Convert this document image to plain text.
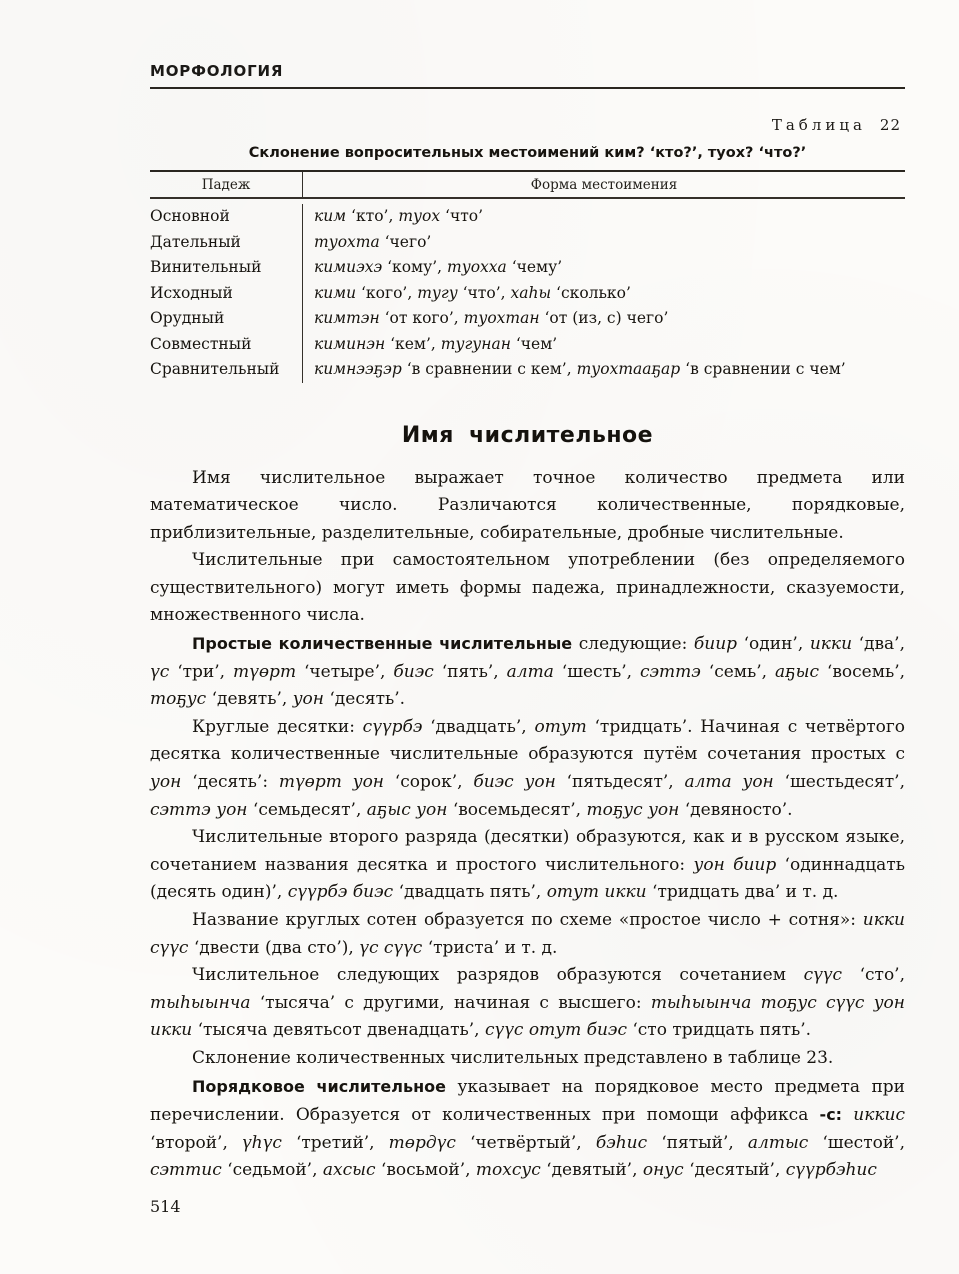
МОРФОЛОГИЯ
Таблица 22
Склонение вопросительных местоимений ким? ‘кто?’, туох? ‘что?’
Падеж	Форма местоимения
Основной	ким ‘кто’, туох ‘что’
Дательный	туохта ‘чего’
Винительный	кимиэхэ ‘кому’, туохха ‘чему’
Исходный	кими ‘кого’, тугу ‘что’, хаһы ‘сколько’
Орудный	кимтэн ‘от кого’, туохтан ‘от (из, с) чего’
Совместный	киминэн ‘кем’, тугунан ‘чем’
Сравнительный	кимнээҕэр ‘в сравнении с кем’, туохтааҕар ‘в сравнении с чем’
Имя числительное

Имя числительное выражает точное количество предмета или математическое число. Различаются количественные, порядковые, приблизительные, разделительные, собирательные, дробные числительные.

Числительные при самостоятельном употреблении (без определяемого существительного) могут иметь формы падежа, принадлежности, сказуемости, множественного числа.

Простые количественные числительные следующие: биир ‘один’, икки ‘два’, үс ‘три’, түөрт ‘четыре’, биэс ‘пять’, алта ‘шесть’, сэттэ ‘семь’, аҕыс ‘восемь’, тоҕус ‘девять’, уон ‘десять’.

Круглые десятки: сүүрбэ ‘двадцать’, отут ‘тридцать’. Начиная с четвёртого десятка количественные числительные образуются путём сочетания простых с уон ‘десять’: түөрт уон ‘сорок’, биэс уон ‘пятьдесят’, алта уон ‘шестьдесят’, сэттэ уон ‘семьдесят’, аҕыс уон ‘восемьдесят’, тоҕус уон ‘девяносто’.

Числительные второго разряда (десятки) образуются, как и в русском языке, сочетанием названия десятка и простого числительного: уон биир ‘одиннадцать (десять один)’, сүүрбэ биэс ‘двадцать пять’, отут икки ‘тридцать два’ и т. д.

Название круглых сотен образуется по схеме «простое число + сотня»: икки сүүс ‘двести (два сто’), үс сүүс ‘триста’ и т. д.

Числительное следующих разрядов образуются сочетанием сүүс ‘сто’, тыһыынча ‘тысяча’ с другими, начиная с высшего: тыһыынча тоҕус сүүс уон икки ‘тысяча девятьсот двенадцать’, сүүс отут биэс ‘сто тридцать пять’.

Склонение количественных числительных представлено в таблице 23.

Порядковое числительное указывает на порядковое место предмета при перечислении. Образуется от количественных при помощи аффикса -с: иккис ‘второй’, үһүс ‘третий’, төрдүс ‘четвёртый’, бэһис ‘пятый’, алтыс ‘шестой’, сэттис ‘седьмой’, ахсыс ‘восьмой’, тохсус ‘девятый’, онус ‘десятый’, сүүрбэһис

514
